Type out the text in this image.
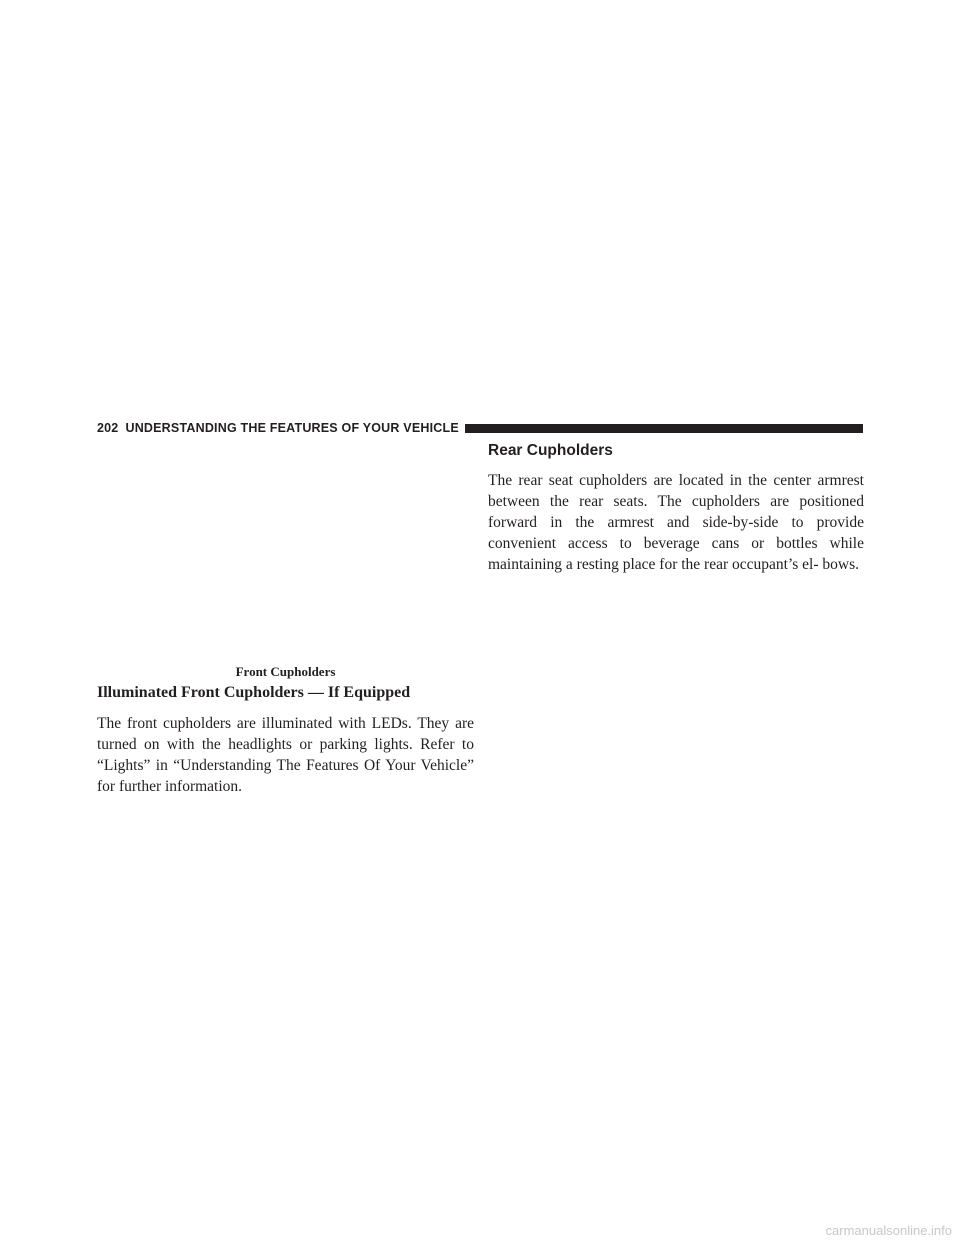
202 UNDERSTANDING THE FEATURES OF YOUR VEHICLE
Front Cupholders
Illuminated Front Cupholders — If Equipped

The front cupholders are illuminated with LEDs. They are turned on with the headlights or parking lights. Refer to “Lights” in “Understanding The Features Of Your Vehicle” for further information.

Rear Cupholders

The rear seat cupholders are located in the center armrest between the rear seats. The cupholders are positioned forward in the armrest and side-by-side to provide convenient access to beverage cans or bottles while maintaining a resting place for the rear occupant’s el- bows.

carmanualsonline.info
